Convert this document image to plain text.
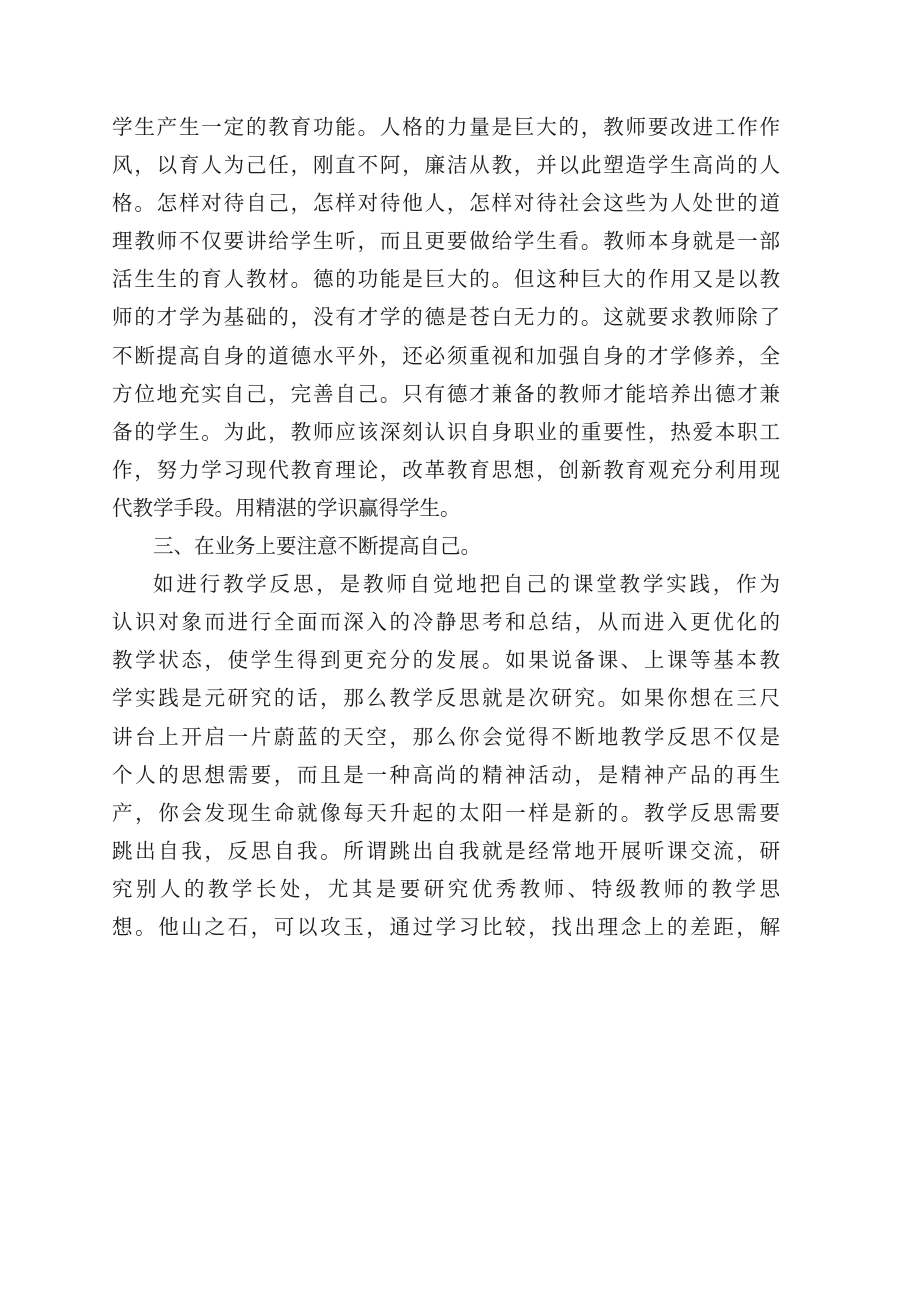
学生产生一定的教育功能。人格的力量是巨大的，教师要改进工作作
风，以育人为己任，刚直不阿，廉洁从教，并以此塑造学生高尚的人
格。怎样对待自己，怎样对待他人，怎样对待社会这些为人处世的道
理教师不仅要讲给学生听，而且更要做给学生看。教师本身就是一部
活生生的育人教材。德的功能是巨大的。但这种巨大的作用又是以教
师的才学为基础的，没有才学的德是苍白无力的。这就要求教师除了
不断提高自身的道德水平外，还必须重视和加强自身的才学修养，全
方位地充实自己，完善自己。只有德才兼备的教师才能培养出德才兼
备的学生。为此，教师应该深刻认识自身职业的重要性，热爱本职工
作，努力学习现代教育理论，改革教育思想，创新教育观充分利用现
代教学手段。用精湛的学识赢得学生。
三、在业务上要注意不断提高自己。
如进行教学反思，是教师自觉地把自己的课堂教学实践，作为
认识对象而进行全面而深入的冷静思考和总结，从而进入更优化的
教学状态，使学生得到更充分的发展。如果说备课、上课等基本教
学实践是元研究的话，那么教学反思就是次研究。如果你想在三尺
讲台上开启一片蔚蓝的天空，那么你会觉得不断地教学反思不仅是
个人的思想需要，而且是一种高尚的精神活动，是精神产品的再生
产，你会发现生命就像每天升起的太阳一样是新的。教学反思需要
跳出自我，反思自我。所谓跳出自我就是经常地开展听课交流，研
究别人的教学长处，尤其是要研究优秀教师、特级教师的教学思
想。他山之石，可以攻玉，通过学习比较，找出理念上的差距，解
